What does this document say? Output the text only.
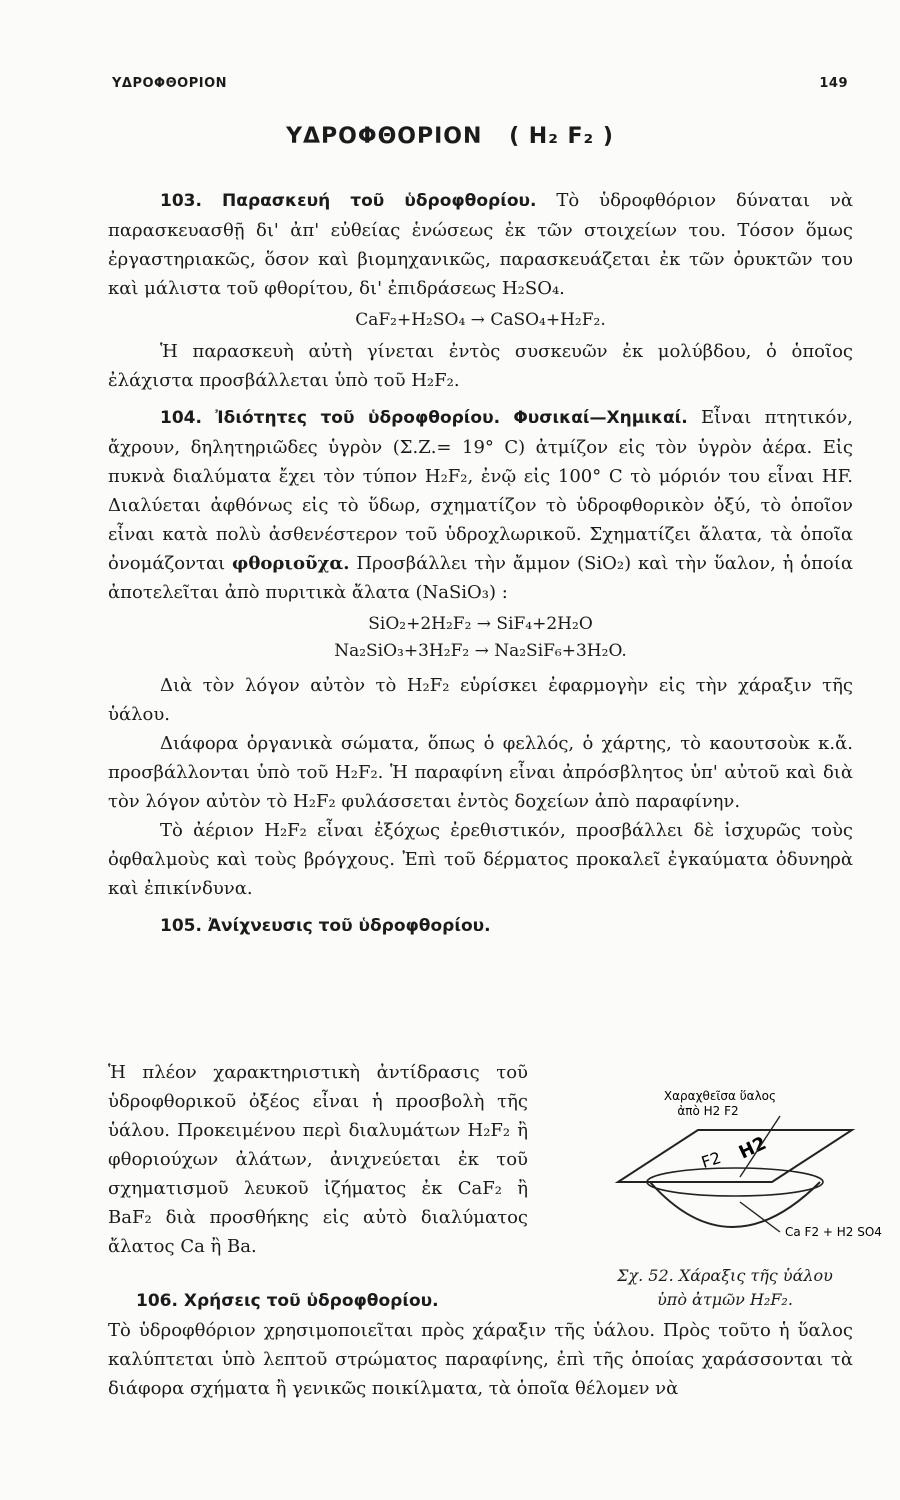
ΥΔΡΟΦΘΟΡΙΟΝ	149
ΥΔΡΟΦΘΟΡΙΟΝ ( H₂ F₂ )

103. Παρασκευή τοῦ ὑδροφθορίου. Τὸ ὑδροφθόριον δύναται νὰ παρασκευασθῇ δι' ἀπ' εὐθείας ἑνώσεως ἐκ τῶν στοιχείων του. Τόσον ὅμως ἐργαστηριακῶς, ὅσον καὶ βιομηχανικῶς, παρασκευάζεται ἐκ τῶν ὀρυκτῶν του καὶ μάλιστα τοῦ φθορίτου, δι' ἐπιδράσεως H₂SO₄.

CaF₂+H₂SO₄ → CaSO₄+H₂F₂.

Ἡ παρασκευὴ αὐτὴ γίνεται ἐντὸς συσκευῶν ἐκ μολύβδου, ὁ ὁποῖος ἐλάχιστα προσβάλλεται ὑπὸ τοῦ H₂F₂.

104. Ἰδιότητες τοῦ ὑδροφθορίου. Φυσικαί—Χημικαί. Εἶναι πτητικόν, ἄχρουν, δηλητηριῶδες ὑγρὸν (Σ.Ζ.= 19° C) ἀτμίζον εἰς τὸν ὑγρὸν ἀέρα. Εἰς πυκνὰ διαλύματα ἔχει τὸν τύπον H₂F₂, ἐνῷ εἰς 100° C τὸ μόριόν του εἶναι HF. Διαλύεται ἀφθόνως εἰς τὸ ὕδωρ, σχηματίζον τὸ ὑδροφθορικὸν ὀξύ, τὸ ὁποῖον εἶναι κατὰ πολὺ ἀσθενέστερον τοῦ ὑδροχλωρικοῦ. Σχηματίζει ἄλατα, τὰ ὁποῖα ὀνομάζονται φθοριοῦχα. Προσβάλλει τὴν ἄμμον (SiO₂) καὶ τὴν ὕαλον, ἡ ὁποία ἀποτελεῖται ἀπὸ πυριτικὰ ἄλατα (NaSiO₃) :

SiO₂+2H₂F₂ → SiF₄+2H₂O

Na₂SiO₃+3H₂F₂ → Na₂SiF₆+3H₂O.

Διὰ τὸν λόγον αὐτὸν τὸ H₂F₂ εὑρίσκει ἐφαρμογὴν εἰς τὴν χάραξιν τῆς ὑάλου.

Διάφορα ὀργανικὰ σώματα, ὅπως ὁ φελλός, ὁ χάρτης, τὸ καουτσοὺκ κ.ἄ. προσβάλλονται ὑπὸ τοῦ H₂F₂. Ἡ παραφίνη εἶναι ἀπρόσβλητος ὑπ' αὐτοῦ καὶ διὰ τὸν λόγον αὐτὸν τὸ H₂F₂ φυλάσσεται ἐντὸς δοχείων ἀπὸ παραφίνην.

Τὸ ἀέριον H₂F₂ εἶναι ἐξόχως ἐρεθιστικόν, προσβάλλει δὲ ἰσχυρῶς τοὺς ὀφθαλμοὺς καὶ τοὺς βρόγχους. Ἐπὶ τοῦ δέρματος προκαλεῖ ἐγκαύματα ὀδυνηρὰ καὶ ἐπικίνδυνα.

105. Ἀνίχνευσις τοῦ ὑδροφθορίου.

Ἡ πλέον χαρακτηριστικὴ ἀντίδρασις τοῦ ὑδροφθορικοῦ ὀξέος εἶναι ἡ προσβολὴ τῆς ὑάλου. Προκειμένου περὶ διαλυμάτων H₂F₂ ἢ φθοριούχων ἀλάτων, ἀνιχνεύεται ἐκ τοῦ σχηματισμοῦ λευκοῦ ἰζήματος ἐκ CaF₂ ἢ BaF₂ διὰ προσθήκης εἰς αὐτὸ διαλύματος ἄλατος Ca ἢ Ba.

F2 H2
Χαραχθεῖσα ὕαλος
ἀπὸ H2 F2
Ca F2 + H2 SO4
Σχ. 52. Χάραξις τῆς ὑάλου
ὑπὸ ἀτμῶν H₂F₂.

106. Χρήσεις τοῦ ὑδροφθορίου.
Τὸ ὑδροφθόριον χρησιμοποιεῖται πρὸς χάραξιν τῆς ὑάλου. Πρὸς τοῦτο ἡ ὕαλος καλύπτεται ὑπὸ λεπτοῦ στρώματος παραφίνης, ἐπὶ τῆς ὁποίας χαράσσονται τὰ διάφορα σχήματα ἢ γενικῶς ποικίλματα, τὰ ὁποῖα θέλομεν νὰ
